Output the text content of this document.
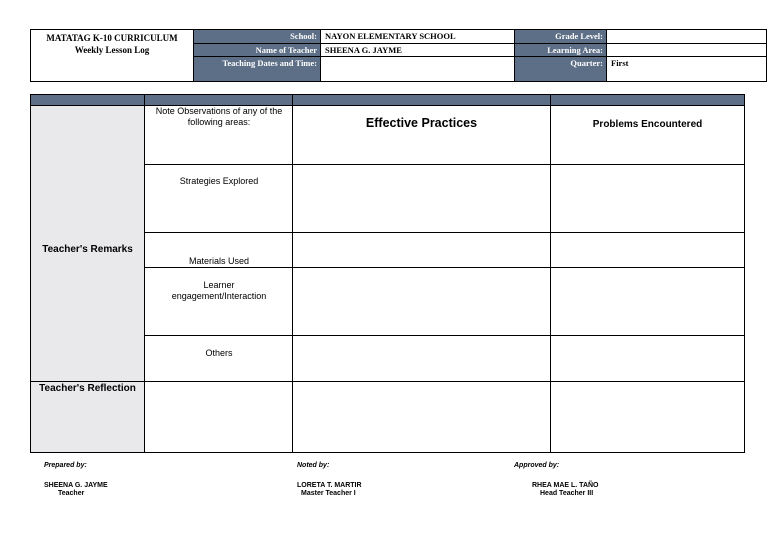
MATATAG K-10 CURRICULUM
Weekly Lesson Log
School: NAYON ELEMENTARY SCHOOL
Name of Teacher SHEENA G. JAYME
Teaching Dates and Time:
Grade Level:
Learning Area:
Quarter: First
Teacher's Remarks
Teacher's Reflection
Note Observations of any of the following areas:
Strategies Explored
Materials Used
Learner engagement/Interaction
Others
Effective Practices	Problems Encountered
Prepared by:
SHEENA G. JAYME
Teacher
Noted by:
LORETA T. MARTIR
Master Teacher I
Approved by:
RHEA MAE L. TAÑO
Head Teacher III
